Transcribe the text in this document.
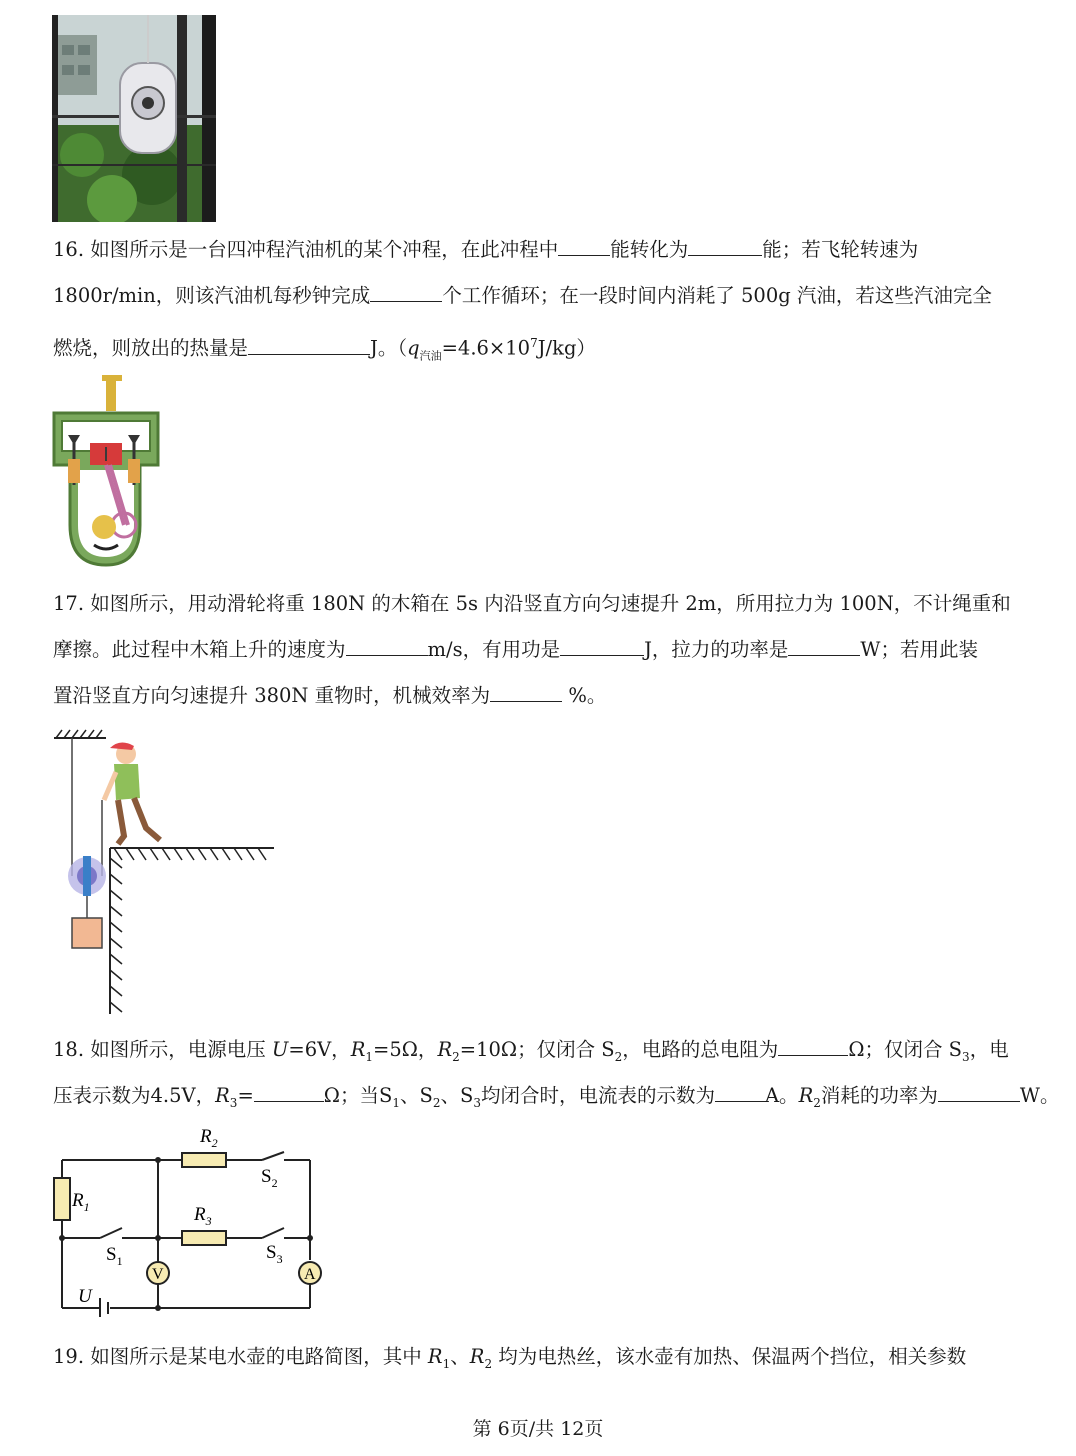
16. 如图所示是一台四冲程汽油机的某个冲程，在此冲程中	能转化为	能；若飞轮转速为
1800r/min，则该汽油机每秒钟完成	个工作循环；在一段时间内消耗了 500g 汽油，若这些汽油完全
燃烧，则放出的热量是	J。$(q_{汽油}=4.6\times 10^7J/kg)$
17. 如图所示，用动滑轮将重 180N 的木箱在 5s 内沿竖直方向匀速提升 2m，所用拉力为 100N，不计绳重和
摩擦。此过程中木箱上升的速度为	m/s，有用功是	J，拉力的功率是	W；若用此装
置沿竖直方向匀速提升 380N 重物时，机械效率为	%。
18. 如图所示，电源电压 U=6V，$R_1=5\Omega$，$R_2=10\Omega$；仅闭合 $S_2$，电路的总电阻为	Ω；仅闭合 $S_3$，电
压表示数为4.5V，$R_3=$	Ω；当$S_1$、$S_2$、$S_3$均闭合时，电流表的示数为	A。$R_2$消耗的功率为	W。
$R_2$
$R_1$	$R_3$
$S_2$
$S_1$	$S_3$
V	A
U
19. 如图所示是某电水壶的电路简图，其中 $R_1$、$R_2$ 均为电热丝，该水壶有加热、保温两个挡位，相关参数
第 6页/共 12页
